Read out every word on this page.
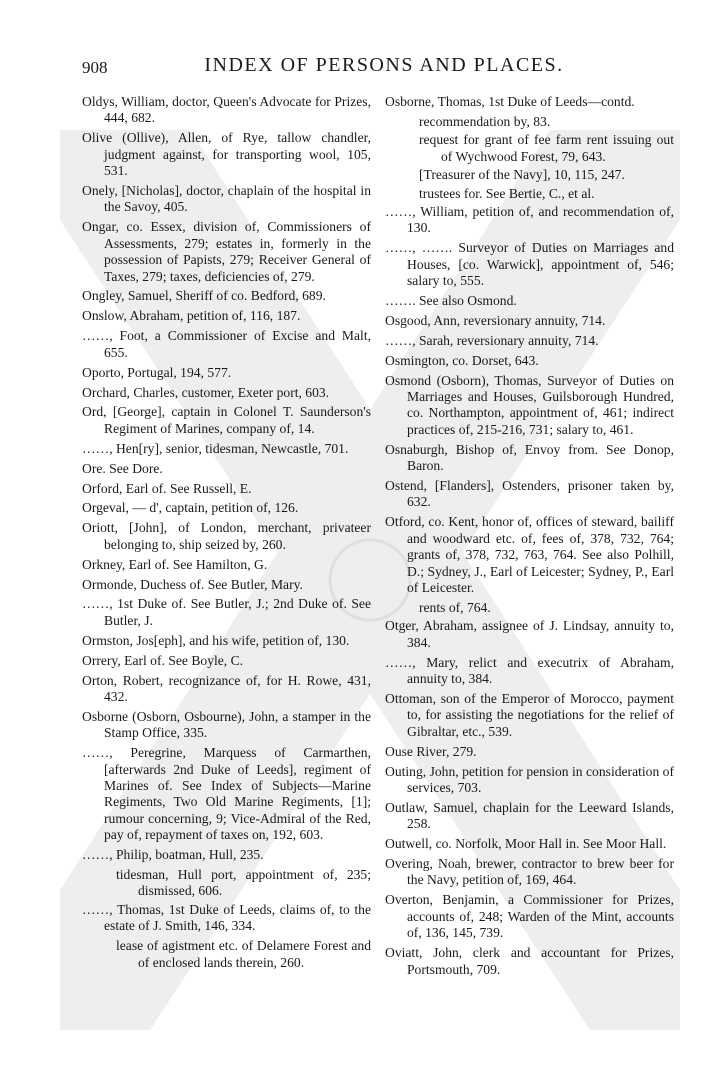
908	INDEX OF PERSONS AND PLACES.

Oldys, William, doctor, Queen's Advocate for Prizes, 444, 682.

Olive (Ollive), Allen, of Rye, tallow chandler, judgment against, for transporting wool, 105, 531.

Onely, [Nicholas], doctor, chaplain of the hospital in the Savoy, 405.

Ongar, co. Essex, division of, Commissioners of Assessments, 279; estates in, formerly in the possession of Papists, 279; Receiver General of Taxes, 279; taxes, deficiencies of, 279.

Ongley, Samuel, Sheriff of co. Bedford, 689.

Onslow, Abraham, petition of, 116, 187.

……, Foot, a Commissioner of Excise and Malt, 655.

Oporto, Portugal, 194, 577.

Orchard, Charles, customer, Exeter port, 603.

Ord, [George], captain in Colonel T. Saunderson's Regiment of Marines, company of, 14.

……, Hen[ry], senior, tidesman, Newcastle, 701.

Ore. See Dore.

Orford, Earl of. See Russell, E.

Orgeval, — d', captain, petition of, 126.

Oriott, [John], of London, merchant, privateer belonging to, ship seized by, 260.

Orkney, Earl of. See Hamilton, G.

Ormonde, Duchess of. See Butler, Mary.

……, 1st Duke of. See Butler, J.; 2nd Duke of. See Butler, J.

Ormston, Jos[eph], and his wife, petition of, 130.

Orrery, Earl of. See Boyle, C.

Orton, Robert, recognizance of, for H. Rowe, 431, 432.

Osborne (Osborn, Osbourne), John, a stamper in the Stamp Office, 335.

……, Peregrine, Marquess of Carmarthen, [afterwards 2nd Duke of Leeds], regiment of Marines of. See Index of Subjects—Marine Regiments, Two Old Marine Regiments, [1]; rumour concerning, 9; Vice-Admiral of the Red, pay of, repayment of taxes on, 192, 603.

……, Philip, boatman, Hull, 235.

tidesman, Hull port, appointment of, 235; dismissed, 606.

……, Thomas, 1st Duke of Leeds, claims of, to the estate of J. Smith, 146, 334.

lease of agistment etc. of Delamere Forest and of enclosed lands therein, 260.

Osborne, Thomas, 1st Duke of Leeds—contd.

recommendation by, 83.

request for grant of fee farm rent issuing out of Wychwood Forest, 79, 643.

[Treasurer of the Navy], 10, 115, 247.

trustees for. See Bertie, C., et al.

……, William, petition of, and recommendation of, 130.

……, ……. Surveyor of Duties on Marriages and Houses, [co. Warwick], appointment of, 546; salary to, 555.

……. See also Osmond.

Osgood, Ann, reversionary annuity, 714.

……, Sarah, reversionary annuity, 714.

Osmington, co. Dorset, 643.

Osmond (Osborn), Thomas, Surveyor of Duties on Marriages and Houses, Guilsborough Hundred, co. Northampton, appointment of, 461; indirect practices of, 215-216, 731; salary to, 461.

Osnaburgh, Bishop of, Envoy from. See Donop, Baron.

Ostend, [Flanders], Ostenders, prisoner taken by, 632.

Otford, co. Kent, honor of, offices of steward, bailiff and woodward etc. of, fees of, 378, 732, 764; grants of, 378, 732, 763, 764. See also Polhill, D.; Sydney, J., Earl of Leicester; Sydney, P., Earl of Leicester.

rents of, 764.

Otger, Abraham, assignee of J. Lindsay, annuity to, 384.

……, Mary, relict and executrix of Abraham, annuity to, 384.

Ottoman, son of the Emperor of Morocco, payment to, for assisting the negotiations for the relief of Gibraltar, etc., 539.

Ouse River, 279.

Outing, John, petition for pension in consideration of services, 703.

Outlaw, Samuel, chaplain for the Leeward Islands, 258.

Outwell, co. Norfolk, Moor Hall in. See Moor Hall.

Overing, Noah, brewer, contractor to brew beer for the Navy, petition of, 169, 464.

Overton, Benjamin, a Commissioner for Prizes, accounts of, 248; Warden of the Mint, accounts of, 136, 145, 739.

Oviatt, John, clerk and accountant for Prizes, Portsmouth, 709.
